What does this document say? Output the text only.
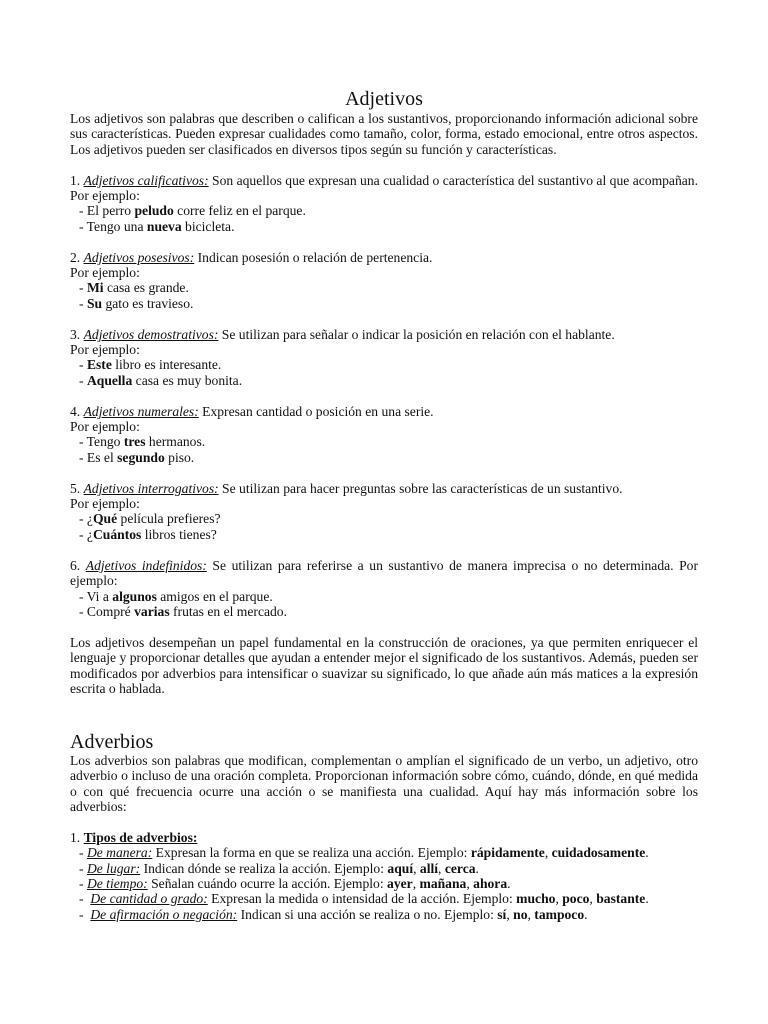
Adjetivos

Los adjetivos son palabras que describen o califican a los sustantivos, proporcionando información adicional sobre sus características. Pueden expresar cualidades como tamaño, color, forma, estado emocional, entre otros aspectos. Los adjetivos pueden ser clasificados en diversos tipos según su función y características.

1. Adjetivos calificativos: Son aquellos que expresan una cualidad o característica del sustantivo al que acompañan. Por ejemplo:

- El perro peludo corre feliz en el parque.

- Tengo una nueva bicicleta.

2. Adjetivos posesivos: Indican posesión o relación de pertenencia.

Por ejemplo:

- Mi casa es grande.

- Su gato es travieso.

3. Adjetivos demostrativos: Se utilizan para señalar o indicar la posición en relación con el hablante.

Por ejemplo:

- Este libro es interesante.

- Aquella casa es muy bonita.

4. Adjetivos numerales: Expresan cantidad o posición en una serie.

Por ejemplo:

- Tengo tres hermanos.

- Es el segundo piso.

5. Adjetivos interrogativos: Se utilizan para hacer preguntas sobre las características de un sustantivo.

Por ejemplo:

- ¿Qué película prefieres?

- ¿Cuántos libros tienes?

6. Adjetivos indefinidos: Se utilizan para referirse a un sustantivo de manera imprecisa o no determinada. Por ejemplo:

- Vi a algunos amigos en el parque.

- Compré varias frutas en el mercado.

Los adjetivos desempeñan un papel fundamental en la construcción de oraciones, ya que permiten enriquecer el lenguaje y proporcionar detalles que ayudan a entender mejor el significado de los sustantivos. Además, pueden ser modificados por adverbios para intensificar o suavizar su significado, lo que añade aún más matices a la expresión escrita o hablada.

Adverbios

Los adverbios son palabras que modifican, complementan o amplían el significado de un verbo, un adjetivo, otro adverbio o incluso de una oración completa. Proporcionan información sobre cómo, cuándo, dónde, en qué medida o con qué frecuencia ocurre una acción o se manifiesta una cualidad. Aquí hay más información sobre los adverbios:

1. Tipos de adverbios:

- De manera: Expresan la forma en que se realiza una acción. Ejemplo: rápidamente, cuidadosamente.

- De lugar: Indican dónde se realiza la acción. Ejemplo: aquí, allí, cerca.

- De tiempo: Señalan cuándo ocurre la acción. Ejemplo: ayer, mañana, ahora.

-  De cantidad o grado: Expresan la medida o intensidad de la acción. Ejemplo: mucho, poco, bastante.

-  De afirmación o negación: Indican si una acción se realiza o no. Ejemplo: sí, no, tampoco.
